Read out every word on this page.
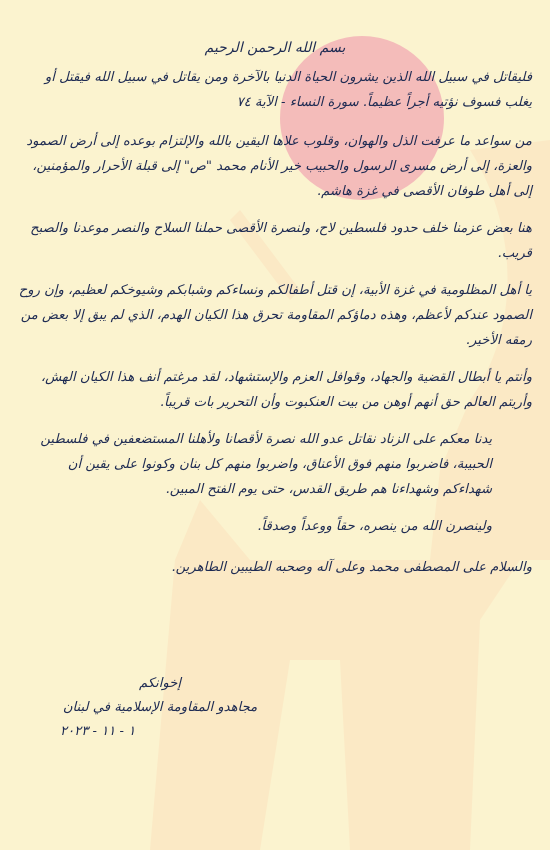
بسم الله الرحمن الرحيم

فليقاتل في سبيل الله الذين يشرون الحياة الدنيا بالآخرة ومن يقاتل في سبيل الله فيقتل أو يغلب فسوف نؤتيه أجراً عظيماً. سورة النساء - الآية ٧٤

من سواعد ما عرفت الذل والهوان، وقلوب علاها اليقين بالله والإلتزام بوعده إلى أرض الصمود والعزة، إلى أرض مسرى الرسول والحبيب خير الأنام محمد "ص" إلى قبلة الأحرار والمؤمنين، إلى أهل طوفان الأقصى في غزة هاشم.

هنا بعض عزمنا خلف حدود فلسطين لاح، ولنصرة الأقصى حملنا السلاح والنصر موعدنا والصبح قريب.

يا أهل المظلومية في غزة الأبية، إن قتل أطفالكم ونساءكم وشبابكم وشيوخكم لعظيم، وإن روح الصمود عندكم لأعظم، وهذه دماؤكم المقاومة تحرق هذا الكيان الهدم، الذي لم يبق إلا بعض من رمقه الأخير.

وأنتم يا أبطال القضية والجهاد، وقوافل العزم والإستشهاد، لقد مرغتم أنف هذا الكيان الهش، وأريتم العالم حق أنهم أوهن من بيت العنكبوت وأن التحرير بات قريباً.

يدنا معكم على الزناد نقاتل عدو الله نصرة لأقصانا ولأهلنا المستضعفين في فلسطين الحبيبة، فاضربوا منهم فوق الأعناق، واضربوا منهم كل بنان وكونوا على يقين أن شهداءكم وشهداءنا هم طريق القدس، حتى يوم الفتح المبين.

ولينصرن الله من ينصره، حقاً ووعداً وصدقاً.

والسلام على المصطفى محمد وعلى آله وصحبه الطيبين الطاهرين.

إخوانكم
مجاهدو المقاومة الإسلامية في لبنان
١ - ١١ - ٢٠٢٣
